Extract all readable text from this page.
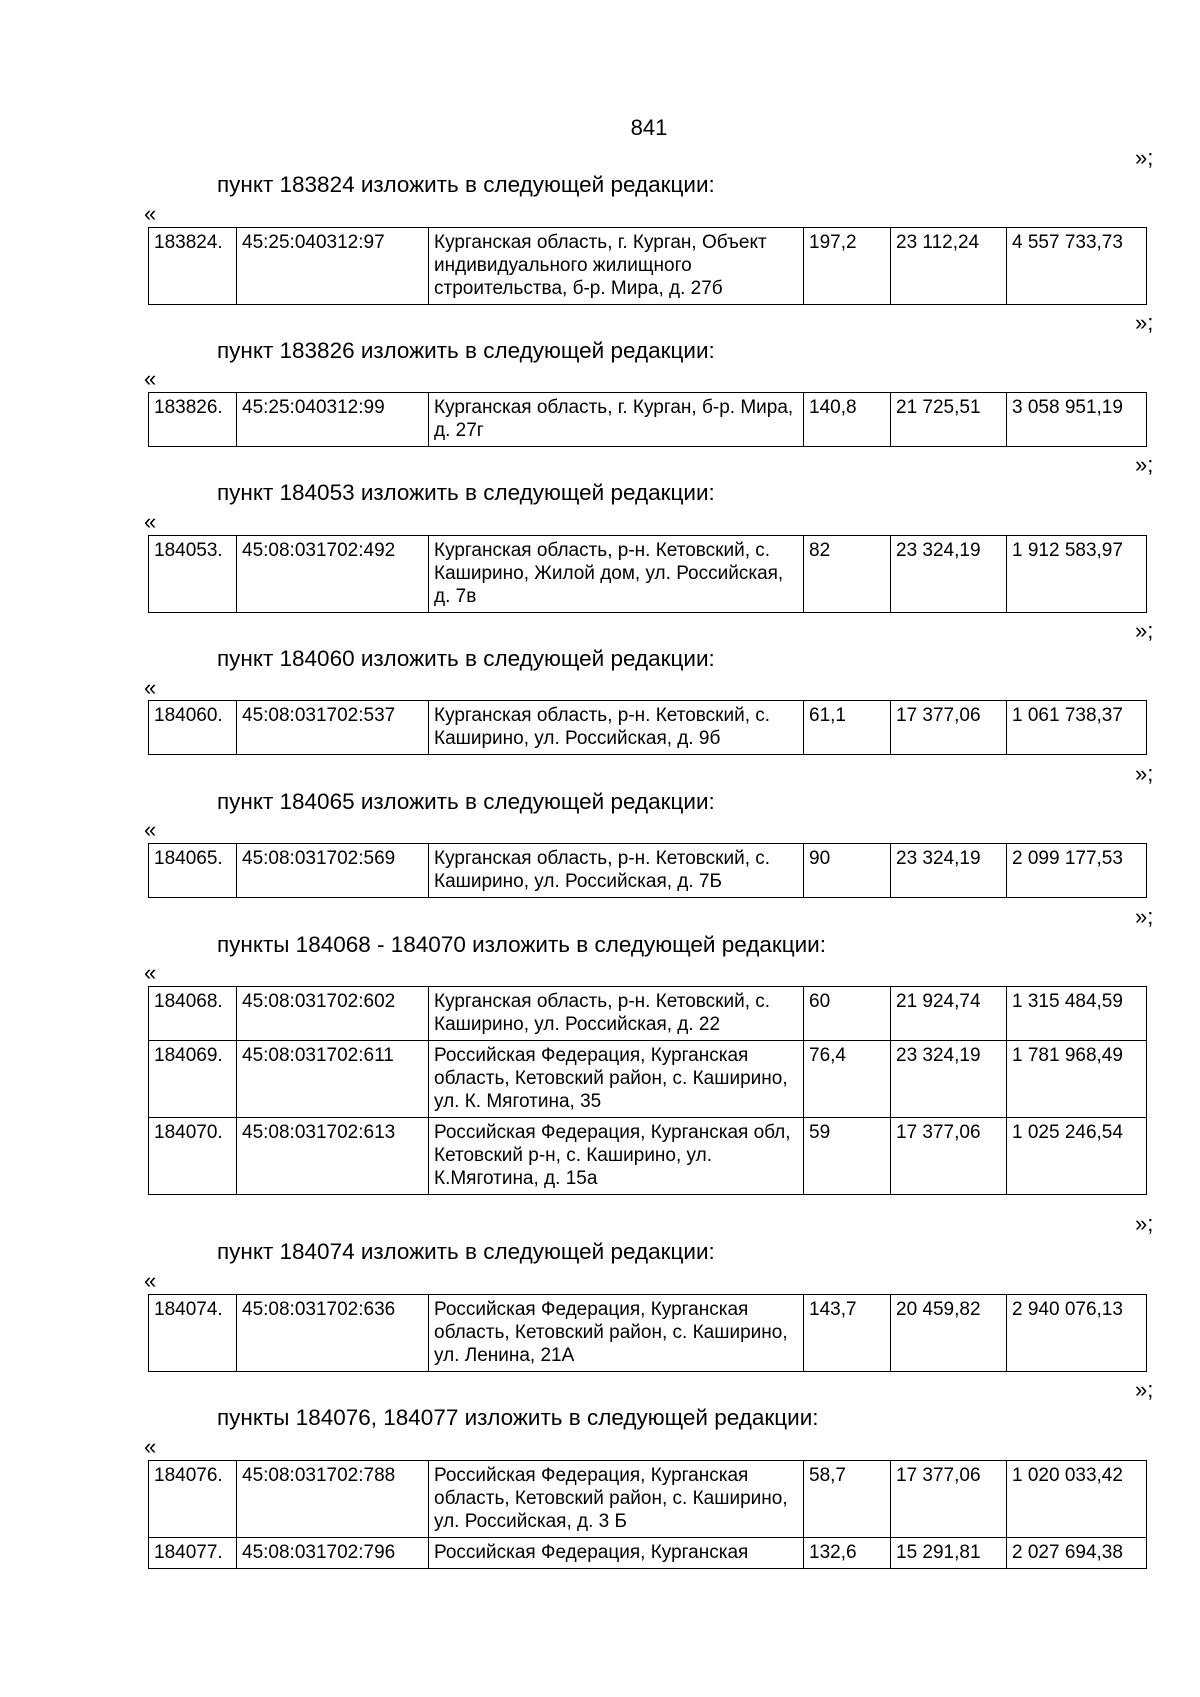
841
»;
пункт 183824 изложить в следующей редакции:
«
183824.	45:25:040312:97	Курганская область, г. Курган, Объект индивидуального жилищного строительства, б-р. Мира, д. 27б	197,2	23 112,24	4 557 733,73
»;
пункт 183826 изложить в следующей редакции:
«
183826.	45:25:040312:99	Курганская область, г. Курган, б-р. Мира, д. 27г	140,8	21 725,51	3 058 951,19
»;
пункт 184053 изложить в следующей редакции:
«
184053.	45:08:031702:492	Курганская область, р-н. Кетовский, с. Каширино, Жилой дом, ул. Российская, д. 7в	82	23 324,19	1 912 583,97
»;
пункт 184060 изложить в следующей редакции:
«
184060.	45:08:031702:537	Курганская область, р-н. Кетовский, с. Каширино, ул. Российская, д. 9б	61,1	17 377,06	1 061 738,37
»;
пункт 184065 изложить в следующей редакции:
«
184065.	45:08:031702:569	Курганская область, р-н. Кетовский, с. Каширино, ул. Российская, д. 7Б	90	23 324,19	2 099 177,53
»;
пункты 184068 - 184070 изложить в следующей редакции:
«
184068.	45:08:031702:602	Курганская область, р-н. Кетовский, с. Каширино, ул. Российская, д. 22	60	21 924,74	1 315 484,59
184069.	45:08:031702:611	Российская Федерация, Курганская область, Кетовский район, с. Каширино, ул. К. Мяготина, 35	76,4	23 324,19	1 781 968,49
184070.	45:08:031702:613	Российская Федерация, Курганская обл, Кетовский р-н, с. Каширино, ул. К.Мяготина, д. 15а	59	17 377,06	1 025 246,54
»;
пункт 184074 изложить в следующей редакции:
«
184074.	45:08:031702:636	Российская Федерация, Курганская область, Кетовский район, с. Каширино, ул. Ленина, 21А	143,7	20 459,82	2 940 076,13
»;
пункты 184076, 184077 изложить в следующей редакции:
«
184076.	45:08:031702:788	Российская Федерация, Курганская область, Кетовский район, с. Каширино, ул. Российская, д. 3 Б	58,7	17 377,06	1 020 033,42
184077.	45:08:031702:796	Российская Федерация, Курганская	132,6	15 291,81	2 027 694,38
